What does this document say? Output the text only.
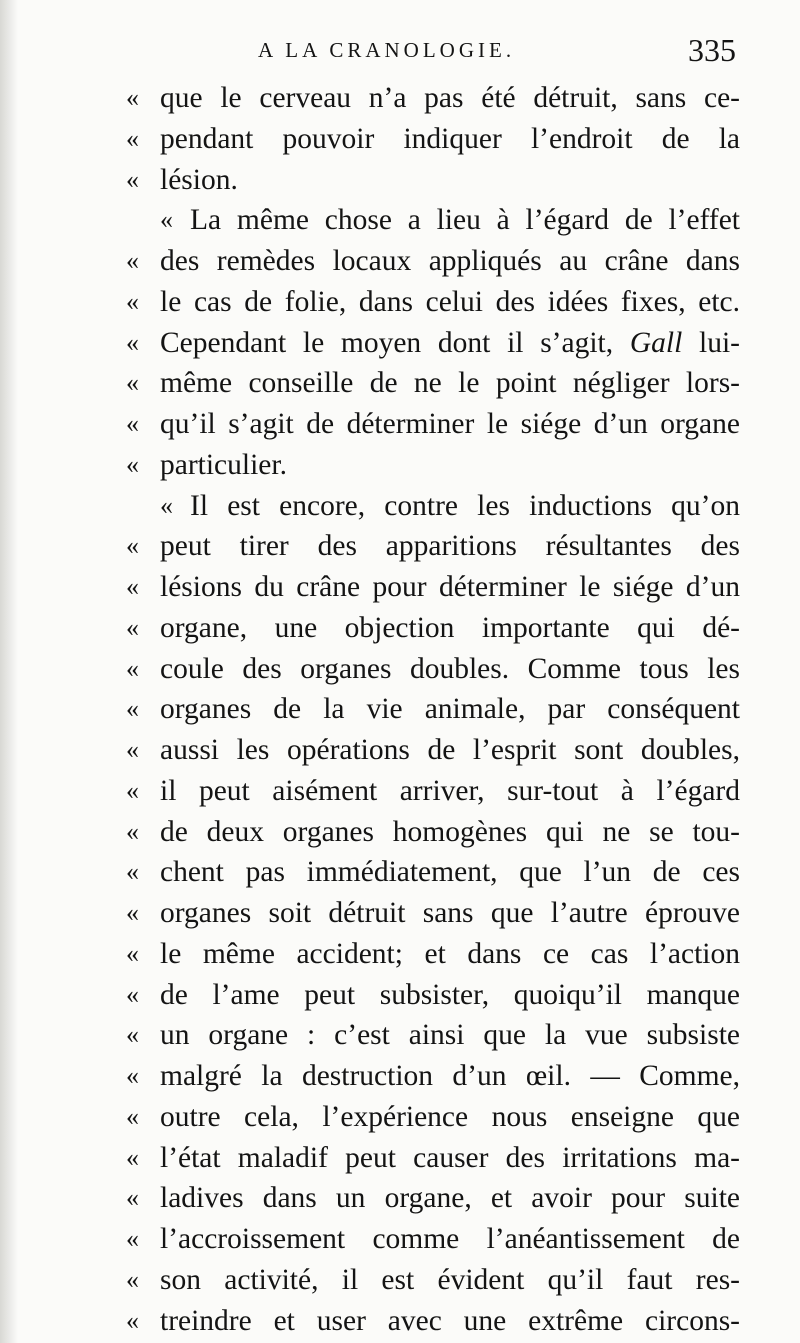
A LA CRANOLOGIE.	335
« que le cerveau n’a pas été détruit, sans ce-
« pendant pouvoir indiquer l’endroit de la
« lésion.
« La même chose a lieu à l’égard de l’effet
« des remèdes locaux appliqués au crâne dans
« le cas de folie, dans celui des idées fixes, etc.
« Cependant le moyen dont il s’agit, Gall lui-
« même conseille de ne le point négliger lors-
« qu’il s’agit de déterminer le siége d’un organe
« particulier.
« Il est encore, contre les inductions qu’on
« peut tirer des apparitions résultantes des
« lésions du crâne pour déterminer le siége d’un
« organe, une objection importante qui dé-
« coule des organes doubles. Comme tous les
« organes de la vie animale, par conséquent
« aussi les opérations de l’esprit sont doubles,
« il peut aisément arriver, sur-tout à l’égard
« de deux organes homogènes qui ne se tou-
« chent pas immédiatement, que l’un de ces
« organes soit détruit sans que l’autre éprouve
« le même accident; et dans ce cas l’action
« de l’ame peut subsister, quoiqu’il manque
« un organe : c’est ainsi que la vue subsiste
« malgré la destruction d’un œil. — Comme,
« outre cela, l’expérience nous enseigne que
« l’état maladif peut causer des irritations ma-
« ladives dans un organe, et avoir pour suite
« l’accroissement comme l’anéantissement de
« son activité, il est évident qu’il faut res-
« treindre et user avec une extrême circons-
